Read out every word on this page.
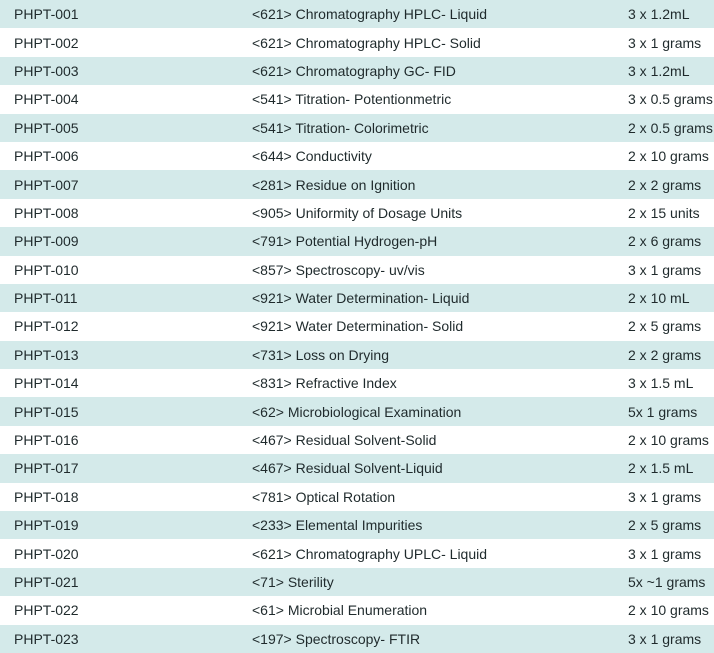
PHPT-001	<621> Chromatography HPLC- Liquid	3 x 1.2mL
PHPT-002	<621> Chromatography HPLC- Solid	3 x 1 grams
PHPT-003	<621> Chromatography GC- FID	3 x 1.2mL
PHPT-004	<541> Titration- Potentionmetric	3 x 0.5 grams
PHPT-005	<541> Titration- Colorimetric	2 x 0.5 grams
PHPT-006	<644> Conductivity	2 x 10 grams
PHPT-007	<281> Residue on Ignition	2 x 2 grams
PHPT-008	<905> Uniformity of Dosage Units	2 x 15 units
PHPT-009	<791> Potential Hydrogen-pH	2 x 6 grams
PHPT-010	<857> Spectroscopy- uv/vis	3 x 1 grams
PHPT-011	<921> Water Determination- Liquid	2 x 10 mL
PHPT-012	<921> Water Determination- Solid	2 x 5 grams
PHPT-013	<731> Loss on Drying	2 x 2 grams
PHPT-014	<831> Refractive Index	3 x 1.5 mL
PHPT-015	<62> Microbiological Examination	5x 1 grams
PHPT-016	<467> Residual Solvent-Solid	2 x 10 grams
PHPT-017	<467> Residual Solvent-Liquid	2 x 1.5 mL
PHPT-018	<781> Optical Rotation	3 x 1 grams
PHPT-019	<233> Elemental Impurities	2 x 5 grams
PHPT-020	<621> Chromatography UPLC- Liquid	3 x 1 grams
PHPT-021	<71> Sterility	5x ~1 grams
PHPT-022	<61> Microbial Enumeration	2 x 10 grams
PHPT-023	<197> Spectroscopy- FTIR	3 x 1 grams
